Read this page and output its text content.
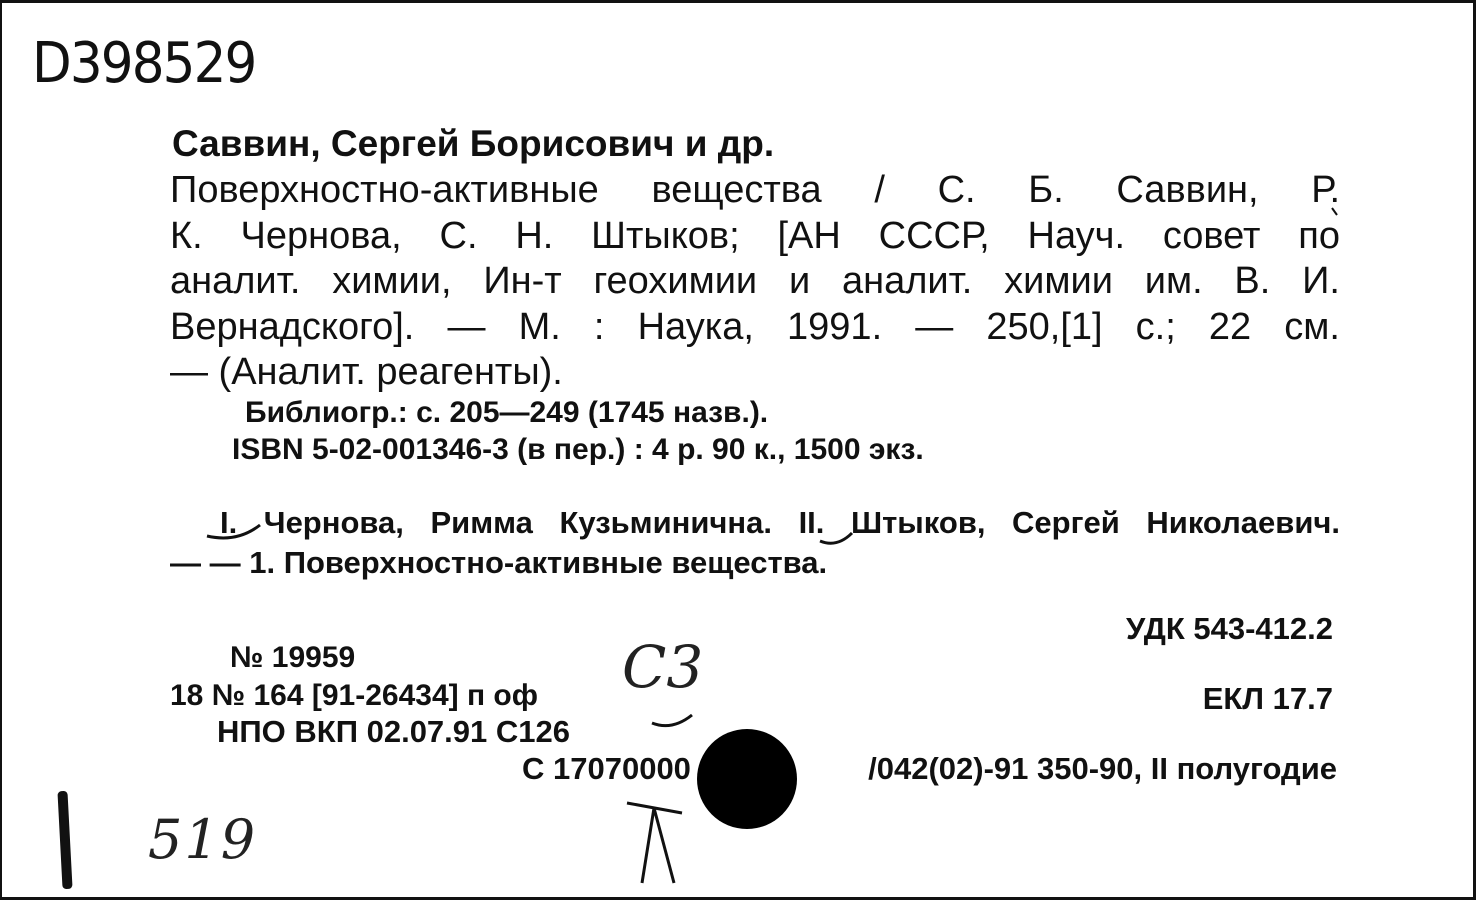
D398529
Саввин, Сергей Борисович и др.
Поверхностно-активные вещества / С. Б. Саввин, Р.
К. Чернова, С. Н. Штыков; [АН СССР, Науч. совет по
аналит. химии, Ин-т геохимии и аналит. химии им. В. И.
Вернадского]. — М. : Наука, 1991. — 250,[1] с.; 22 см.
— (Аналит. реагенты).
Библиогр.: с. 205—249 (1745 назв.).
ISBN 5-02-001346-3 (в пер.) : 4 р. 90 к., 1500 экз.
I. Чернова, Римма Кузьминична. II. Штыков, Сергей Николаевич.
— — 1. Поверхностно-активные вещества.
УДК 543-412.2
№ 19959
18 № 164 [91-26434] п оф	ЕКЛ 17.7
НПО ВКП 02.07.91 С126
С 17070000	/042(02)-91 350-90, II полугодие
С3
519
